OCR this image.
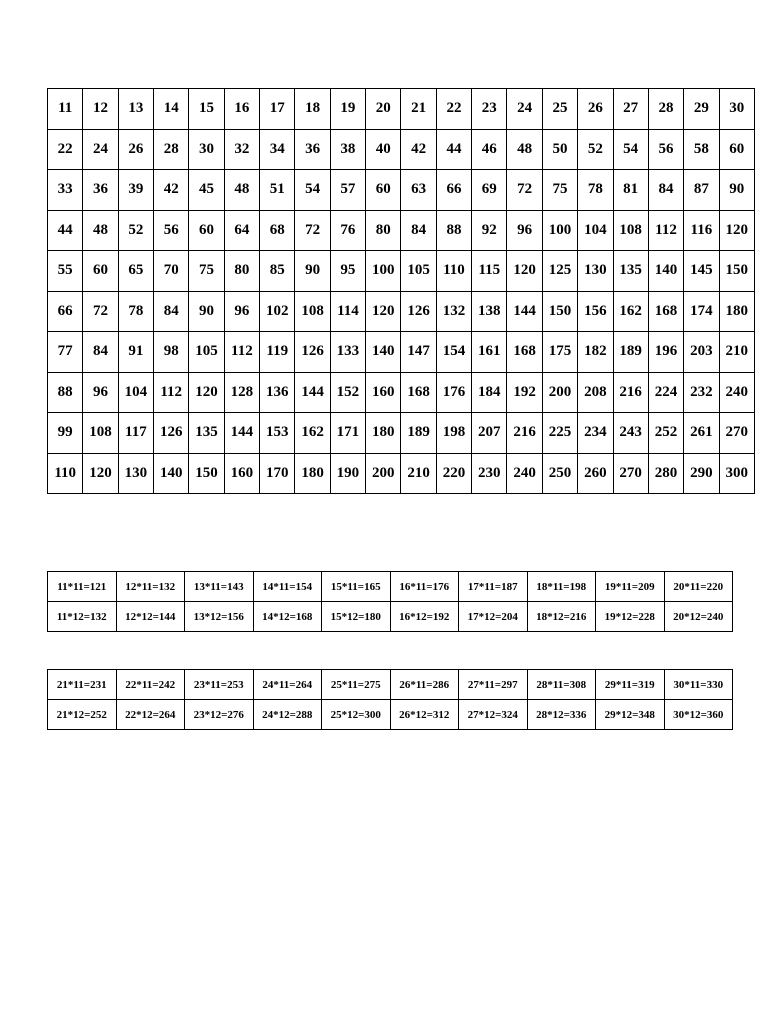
11	12	13	14	15	16	17	18	19	20	21	22	23	24	25	26	27	28	29	30
22	24	26	28	30	32	34	36	38	40	42	44	46	48	50	52	54	56	58	60
33	36	39	42	45	48	51	54	57	60	63	66	69	72	75	78	81	84	87	90
44	48	52	56	60	64	68	72	76	80	84	88	92	96	100	104	108	112	116	120
55	60	65	70	75	80	85	90	95	100	105	110	115	120	125	130	135	140	145	150
66	72	78	84	90	96	102	108	114	120	126	132	138	144	150	156	162	168	174	180
77	84	91	98	105	112	119	126	133	140	147	154	161	168	175	182	189	196	203	210
88	96	104	112	120	128	136	144	152	160	168	176	184	192	200	208	216	224	232	240
99	108	117	126	135	144	153	162	171	180	189	198	207	216	225	234	243	252	261	270
110	120	130	140	150	160	170	180	190	200	210	220	230	240	250	260	270	280	290	300
11*11=121	12*11=132	13*11=143	14*11=154	15*11=165	16*11=176	17*11=187	18*11=198	19*11=209	20*11=220
11*12=132	12*12=144	13*12=156	14*12=168	15*12=180	16*12=192	17*12=204	18*12=216	19*12=228	20*12=240
21*11=231	22*11=242	23*11=253	24*11=264	25*11=275	26*11=286	27*11=297	28*11=308	29*11=319	30*11=330
21*12=252	22*12=264	23*12=276	24*12=288	25*12=300	26*12=312	27*12=324	28*12=336	29*12=348	30*12=360
